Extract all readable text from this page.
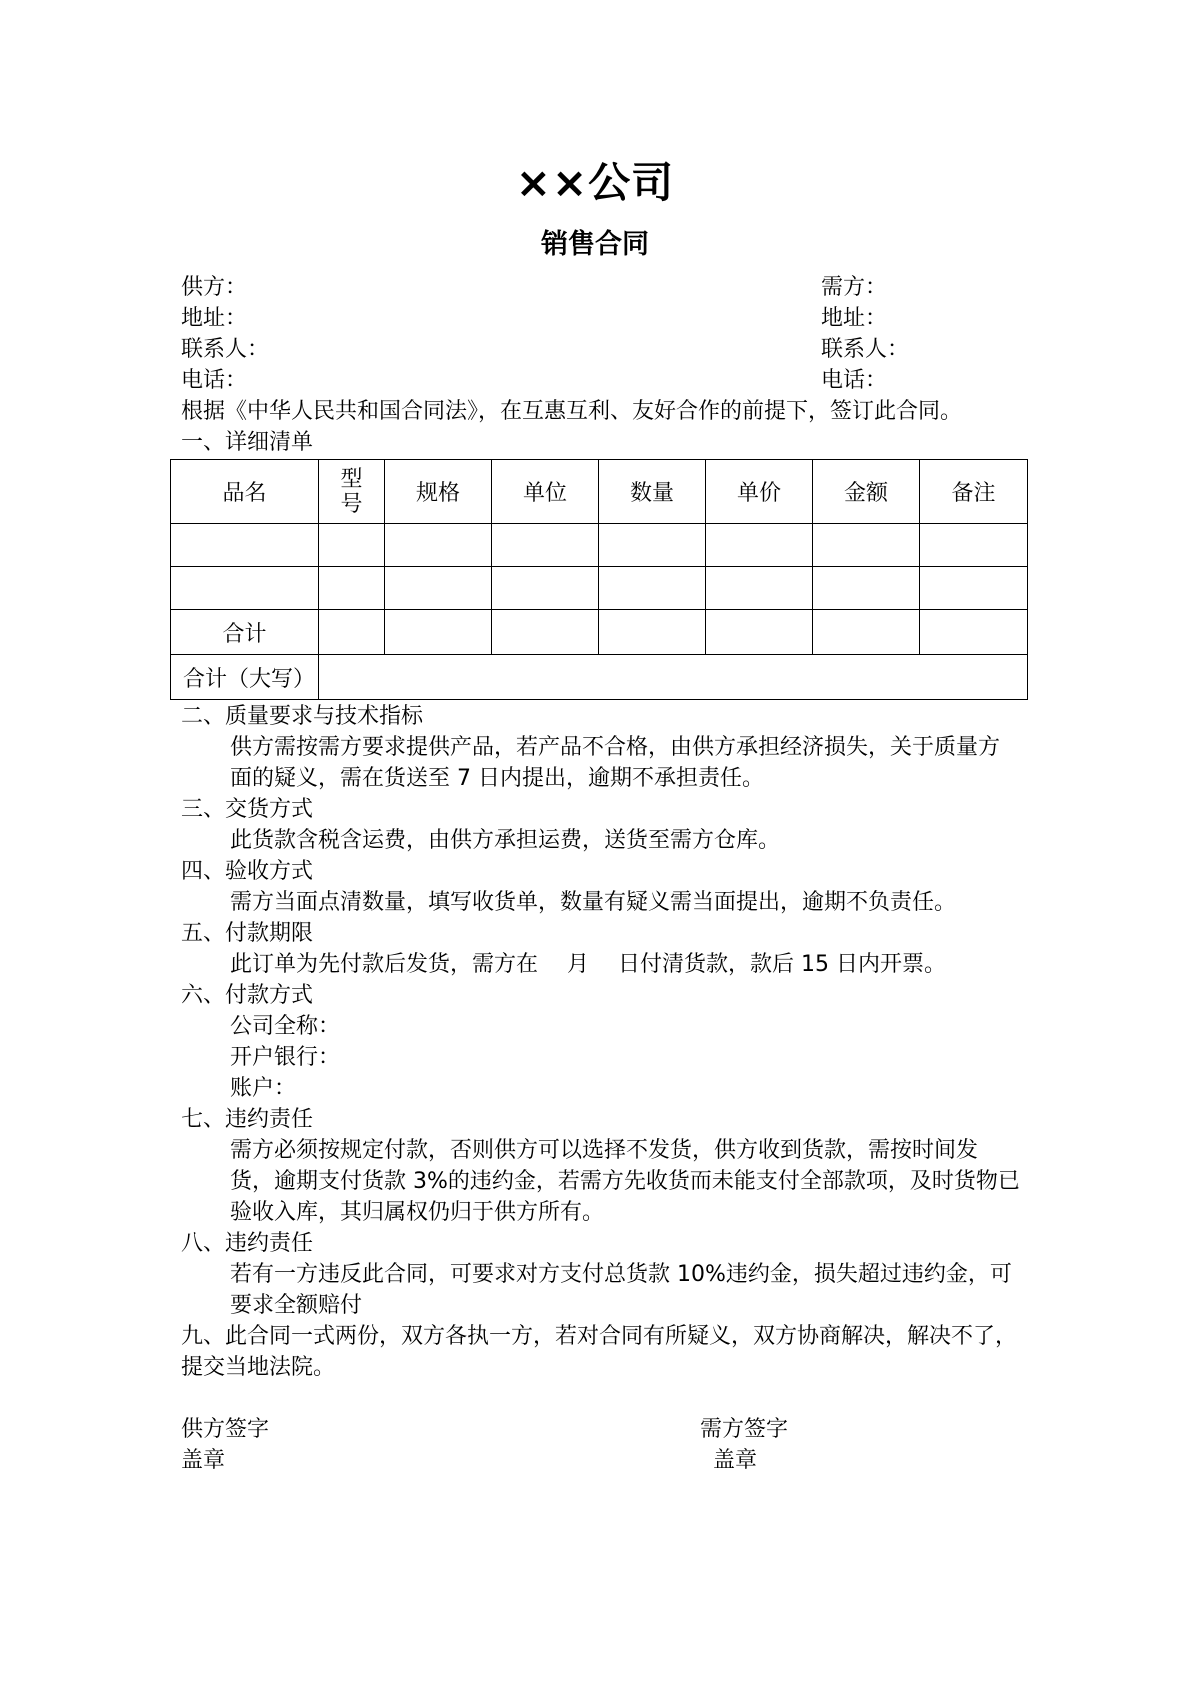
××公司
销售合同
供方：
地址：
联系人：
电话：
需方：
地址：
联系人：
电话：
根据《中华人民共和国合同法》，在互惠互利、友好合作的前提下，签订此合同。
一、详细清单
品名	型号	规格	单位	数量	单价	金额	备注

合计							
合计（大写）							
二、质量要求与技术指标
供方需按需方要求提供产品，若产品不合格，由供方承担经济损失，关于质量方面的疑义，需在货送至 7 日内提出，逾期不承担责任。
三、交货方式
此货款含税含运费，由供方承担运费，送货至需方仓库。
四、验收方式
需方当面点清数量，填写收货单，数量有疑义需当面提出，逾期不负责任。
五、付款期限
此订单为先付款后发货，需方在　 月　 日付清货款，款后 15 日内开票。
六、付款方式
公司全称：
开户银行：
账户：
七、违约责任
需方必须按规定付款，否则供方可以选择不发货，供方收到货款，需按时间发货，逾期支付货款 3%的违约金，若需方先收货而未能支付全部款项，及时货物已验收入库，其归属权仍归于供方所有。
八、违约责任
若有一方违反此合同，可要求对方支付总货款 10%违约金，损失超过违约金，可要求全额赔付
九、此合同一式两份，双方各执一方，若对合同有所疑义，双方协商解决，解决不了，提交当地法院。
供方签字
盖章
需方签字
盖章
